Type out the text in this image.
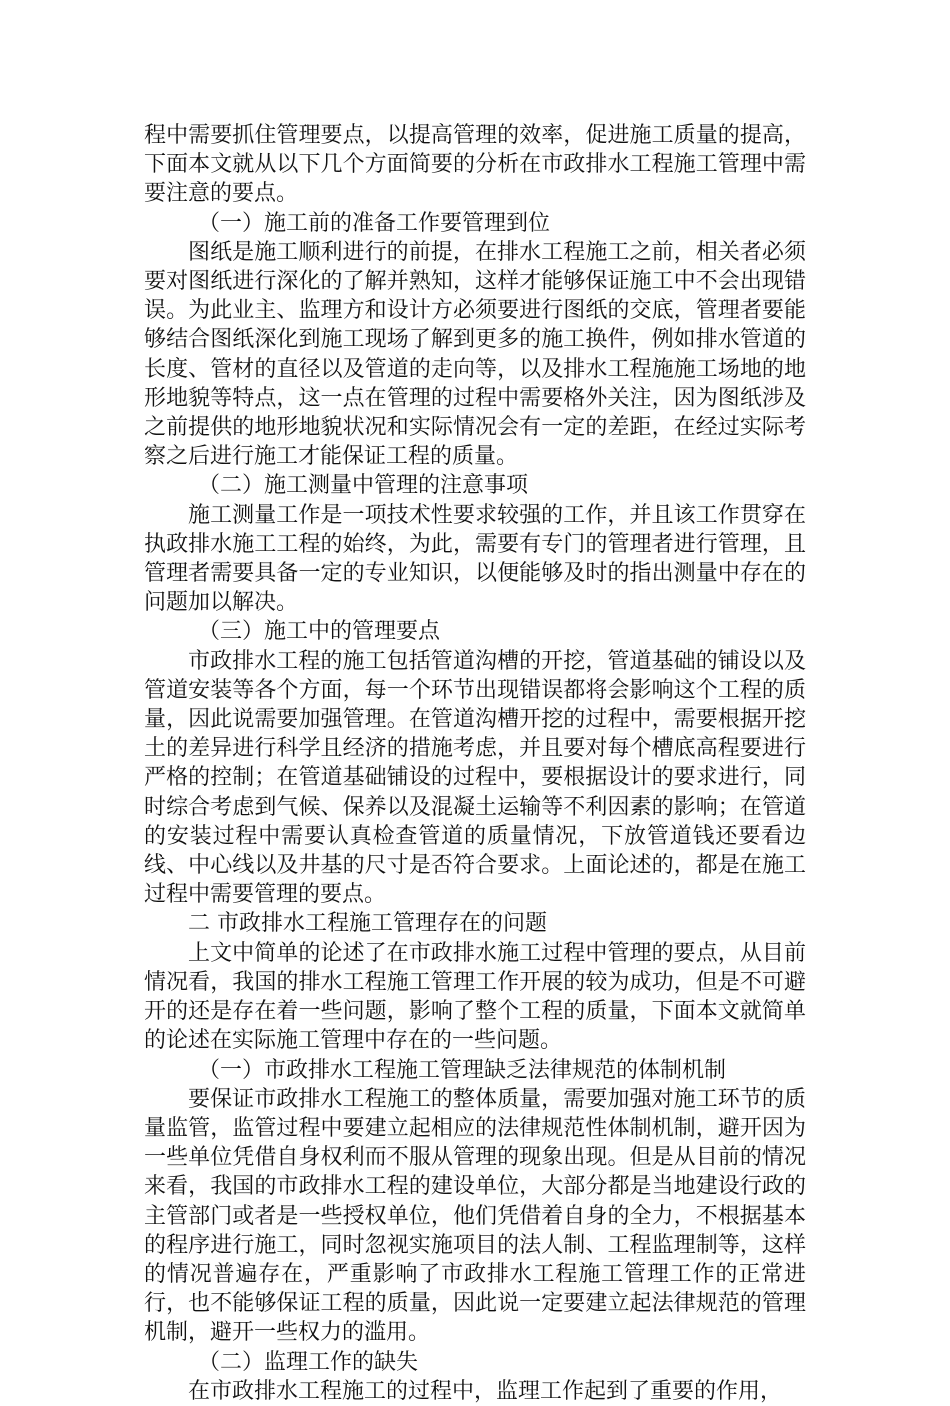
程中需要抓住管理要点，以提高管理的效率，促进施工质量的提高，下面本文就从以下几个方面简要的分析在市政排水工程施工管理中需要注意的要点。

（一）施工前的准备工作要管理到位

图纸是施工顺利进行的前提，在排水工程施工之前，相关者必须要对图纸进行深化的了解并熟知，这样才能够保证施工中不会出现错误。为此业主、监理方和设计方必须要进行图纸的交底，管理者要能够结合图纸深化到施工现场了解到更多的施工换件，例如排水管道的长度、管材的直径以及管道的走向等，以及排水工程施施工场地的地形地貌等特点，这一点在管理的过程中需要格外关注，因为图纸涉及之前提供的地形地貌状况和实际情况会有一定的差距，在经过实际考察之后进行施工才能保证工程的质量。

（二）施工测量中管理的注意事项

施工测量工作是一项技术性要求较强的工作，并且该工作贯穿在执政排水施工工程的始终，为此，需要有专门的管理者进行管理，且管理者需要具备一定的专业知识，以便能够及时的指出测量中存在的问题加以解决。

（三）施工中的管理要点

市政排水工程的施工包括管道沟槽的开挖，管道基础的铺设以及管道安装等各个方面，每一个环节出现错误都将会影响这个工程的质量，因此说需要加强管理。在管道沟槽开挖的过程中，需要根据开挖土的差异进行科学且经济的措施考虑，并且要对每个槽底高程要进行严格的控制；在管道基础铺设的过程中，要根据设计的要求进行，同时综合考虑到气候、保养以及混凝土运输等不利因素的影响；在管道的安装过程中需要认真检查管道的质量情况，下放管道钱还要看边线、中心线以及井基的尺寸是否符合要求。上面论述的，都是在施工过程中需要管理的要点。

二 市政排水工程施工管理存在的问题

上文中简单的论述了在市政排水施工过程中管理的要点，从目前情况看，我国的排水工程施工管理工作开展的较为成功，但是不可避开的还是存在着一些问题，影响了整个工程的质量，下面本文就简单的论述在实际施工管理中存在的一些问题。

（一）市政排水工程施工管理缺乏法律规范的体制机制

要保证市政排水工程施工的整体质量，需要加强对施工环节的质量监管，监管过程中要建立起相应的法律规范性体制机制，避开因为一些单位凭借自身权利而不服从管理的现象出现。但是从目前的情况来看，我国的市政排水工程的建设单位，大部分都是当地建设行政的主管部门或者是一些授权单位，他们凭借着自身的全力，不根据基本的程序进行施工，同时忽视实施项目的法人制、工程监理制等，这样的情况普遍存在，严重影响了市政排水工程施工管理工作的正常进行，也不能够保证工程的质量，因此说一定要建立起法律规范的管理机制，避开一些权力的滥用。

（二）监理工作的缺失

在市政排水工程施工的过程中，监理工作起到了重要的作用，
